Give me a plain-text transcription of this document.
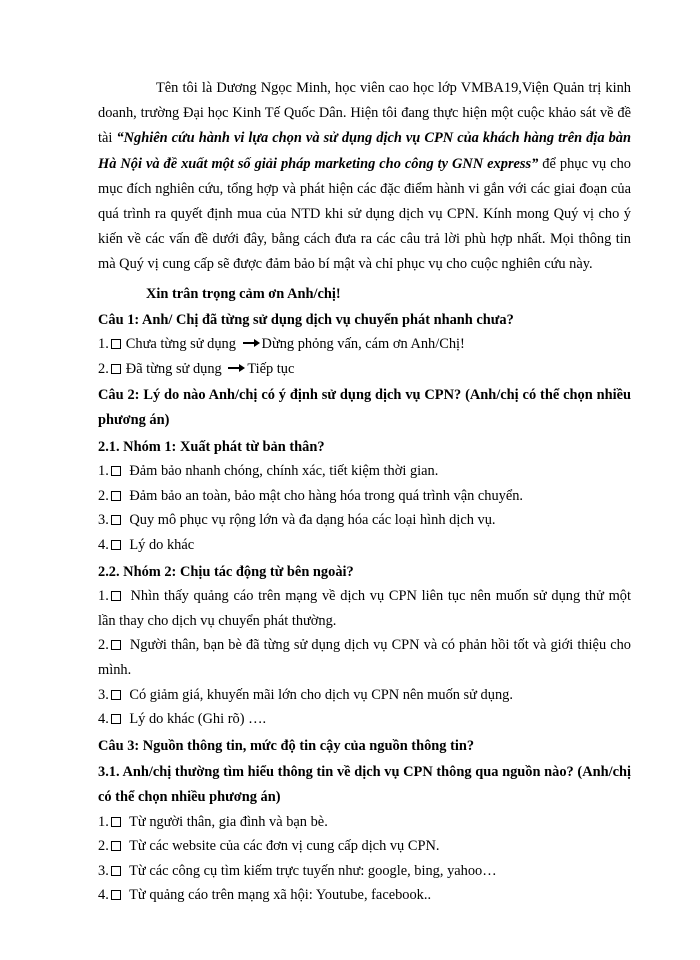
Tên tôi là Dương Ngọc Minh, học viên cao học lớp VMBA19,Viện Quản trị kinh doanh, trường Đại học Kinh Tế Quốc Dân. Hiện tôi đang thực hiện một cuộc khảo sát về đề tài “Nghiên cứu hành vi lựa chọn và sử dụng dịch vụ CPN của khách hàng trên địa bàn Hà Nội và đề xuất một số giải pháp marketing cho công ty GNN express” để phục vụ cho mục đích nghiên cứu, tổng hợp và phát hiện các đặc điểm hành vi gắn với các giai đoạn của quá trình ra quyết định mua của NTD khi sử dụng dịch vụ CPN. Kính mong Quý vị cho ý kiến về các vấn đề dưới đây, bằng cách đưa ra các câu trả lời phù hợp nhất. Mọi thông tin mà Quý vị cung cấp sẽ được đảm bảo bí mật và chỉ phục vụ cho cuộc nghiên cứu này.

Xin trân trọng cảm ơn Anh/chị!

Câu 1: Anh/ Chị đã từng sử dụng dịch vụ chuyển phát nhanh chưa?

1. Chưa từng sử dụng
Dừng phỏng vấn, cám ơn Anh/Chị!

2. Đã từng sử dụng
Tiếp tục

Câu 2: Lý do nào Anh/chị có ý định sử dụng dịch vụ CPN? (Anh/chị có thể chọn nhiều phương án)

2.1. Nhóm 1: Xuất phát từ bản thân?

1. Đảm bảo nhanh chóng, chính xác, tiết kiệm thời gian.

2. Đảm bảo an toàn, bảo mật cho hàng hóa trong quá trình vận chuyển.

3. Quy mô phục vụ rộng lớn và đa dạng hóa các loại hình dịch vụ.

4. Lý do khác

2.2. Nhóm 2: Chịu tác động từ bên ngoài?

1. Nhìn thấy quảng cáo trên mạng về dịch vụ CPN liên tục nên muốn sử dụng thử một lần thay cho dịch vụ chuyển phát thường.

2. Người thân, bạn bè đã từng sử dụng dịch vụ CPN và có phản hồi tốt và giới thiệu cho mình.

3. Có giảm giá, khuyến mãi lớn cho dịch vụ CPN nên muốn sử dụng.

4. Lý do khác (Ghi rõ) ….

Câu 3: Nguồn thông tin, mức độ tin cậy của nguồn thông tin?

3.1. Anh/chị thường tìm hiểu thông tin về dịch vụ CPN thông qua nguồn nào? (Anh/chị có thể chọn nhiều phương án)

1. Từ người thân, gia đình và bạn bè.

2. Từ các website của các đơn vị cung cấp dịch vụ CPN.

3. Từ các công cụ tìm kiếm trực tuyến như: google, bing, yahoo…

4. Từ quảng cáo trên mạng xã hội: Youtube, facebook..
